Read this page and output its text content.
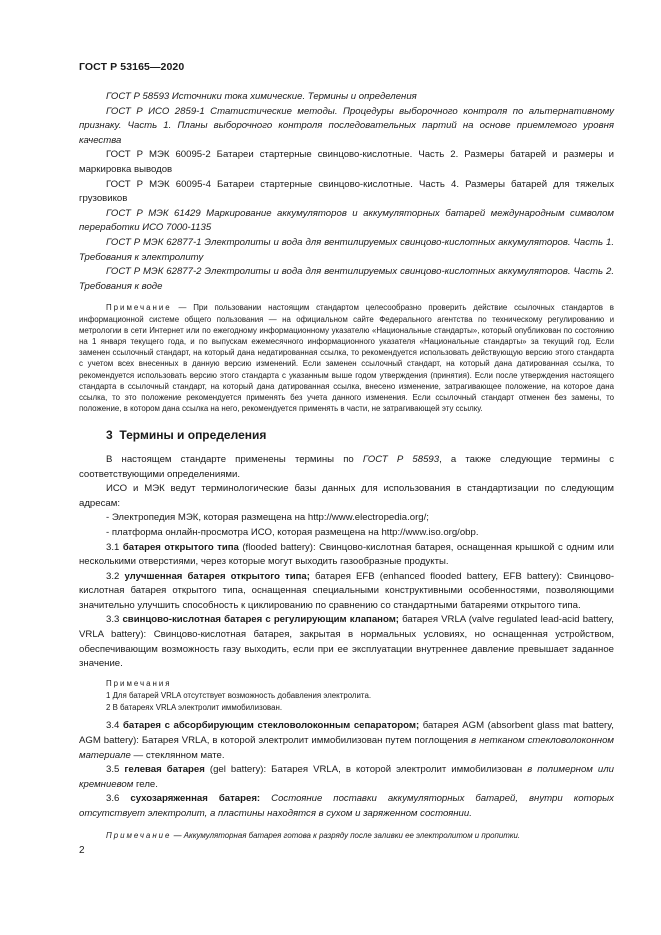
ГОСТ Р 53165—2020

ГОСТ Р 58593 Источники тока химические. Термины и определения

ГОСТ Р ИСО 2859-1 Статистические методы. Процедуры выборочного контроля по альтернативному признаку. Часть 1. Планы выборочного контроля последовательных партий на основе приемлемого уровня качества

ГОСТ Р МЭК 60095-2 Батареи стартерные свинцово-кислотные. Часть 2. Размеры батарей и размеры и маркировка выводов

ГОСТ Р МЭК 60095-4 Батареи стартерные свинцово-кислотные. Часть 4. Размеры батарей для тяжелых грузовиков

ГОСТ Р МЭК 61429 Маркирование аккумуляторов и аккумуляторных батарей международным символом переработки ИСО 7000-1135

ГОСТ Р МЭК 62877-1 Электролиты и вода для вентилируемых свинцово-кислотных аккумуляторов. Часть 1. Требования к электролиту

ГОСТ Р МЭК 62877-2 Электролиты и вода для вентилируемых свинцово-кислотных аккумуляторов. Часть 2. Требования к воде

Примечание — При пользовании настоящим стандартом целесообразно проверить действие ссылочных стандартов в информационной системе общего пользования — на официальном сайте Федерального агентства по техническому регулированию и метрологии в сети Интернет или по ежегодному информационному указателю «Национальные стандарты», который опубликован по состоянию на 1 января текущего года, и по выпускам ежемесячного информационного указателя «Национальные стандарты» за текущий год. Если заменен ссылочный стандарт, на который дана недатированная ссылка, то рекомендуется использовать действующую версию этого стандарта с учетом всех внесенных в данную версию изменений. Если заменен ссылочный стандарт, на который дана датированная ссылка, то рекомендуется использовать версию этого стандарта с указанным выше годом утверждения (принятия). Если после утверждения настоящего стандарта в ссылочный стандарт, на который дана датированная ссылка, внесено изменение, затрагивающее положение, на которое дана ссылка, то это положение рекомендуется применять без учета данного изменения. Если ссылочный стандарт отменен без замены, то положение, в котором дана ссылка на него, рекомендуется применять в части, не затрагивающей эту ссылку.

3 Термины и определения

В настоящем стандарте применены термины по ГОСТ Р 58593, а также следующие термины с соответствующими определениями.

ИСО и МЭК ведут терминологические базы данных для использования в стандартизации по следующим адресам:

- Электропедия МЭК, которая размещена на http://www.electropedia.org/;

- платформа онлайн-просмотра ИСО, которая размещена на http://www.iso.org/obp.

3.1 батарея открытого типа (flooded battery): Свинцово-кислотная батарея, оснащенная крышкой с одним или несколькими отверстиями, через которые могут выходить газообразные продукты.

3.2 улучшенная батарея открытого типа; батарея EFB (enhanced flooded battery, EFB battery): Свинцово-кислотная батарея открытого типа, оснащенная специальными конструктивными особенностями, позволяющими значительно улучшить способность к циклированию по сравнению со стандартными батареями открытого типа.

3.3 свинцово-кислотная батарея с регулирующим клапаном; батарея VRLA (valve regulated lead-acid battery, VRLA battery): Свинцово-кислотная батарея, закрытая в нормальных условиях, но оснащенная устройством, обеспечивающим возможность газу выходить, если при ее эксплуатации внутреннее давление превышает заданное значение.

Примечания
1 Для батарей VRLA отсутствует возможность добавления электролита.
2 В батареях VRLA электролит иммобилизован.

3.4 батарея с абсорбирующим стекловолоконным сепаратором; батарея AGM (absorbent glass mat battery, AGM battery): Батарея VRLA, в которой электролит иммобилизован путем поглощения в нетканом стекловолоконном материале — стеклянном мате.

3.5 гелевая батарея (gel battery): Батарея VRLA, в которой электролит иммобилизован в полимерном или кремниевом геле.

3.6 сухозаряженная батарея: Состояние поставки аккумуляторных батарей, внутри которых отсутствует электролит, а пластины находятся в сухом и заряженном состоянии.

Примечание — Аккумуляторная батарея готова к разряду после заливки ее электролитом и пропитки.

2
